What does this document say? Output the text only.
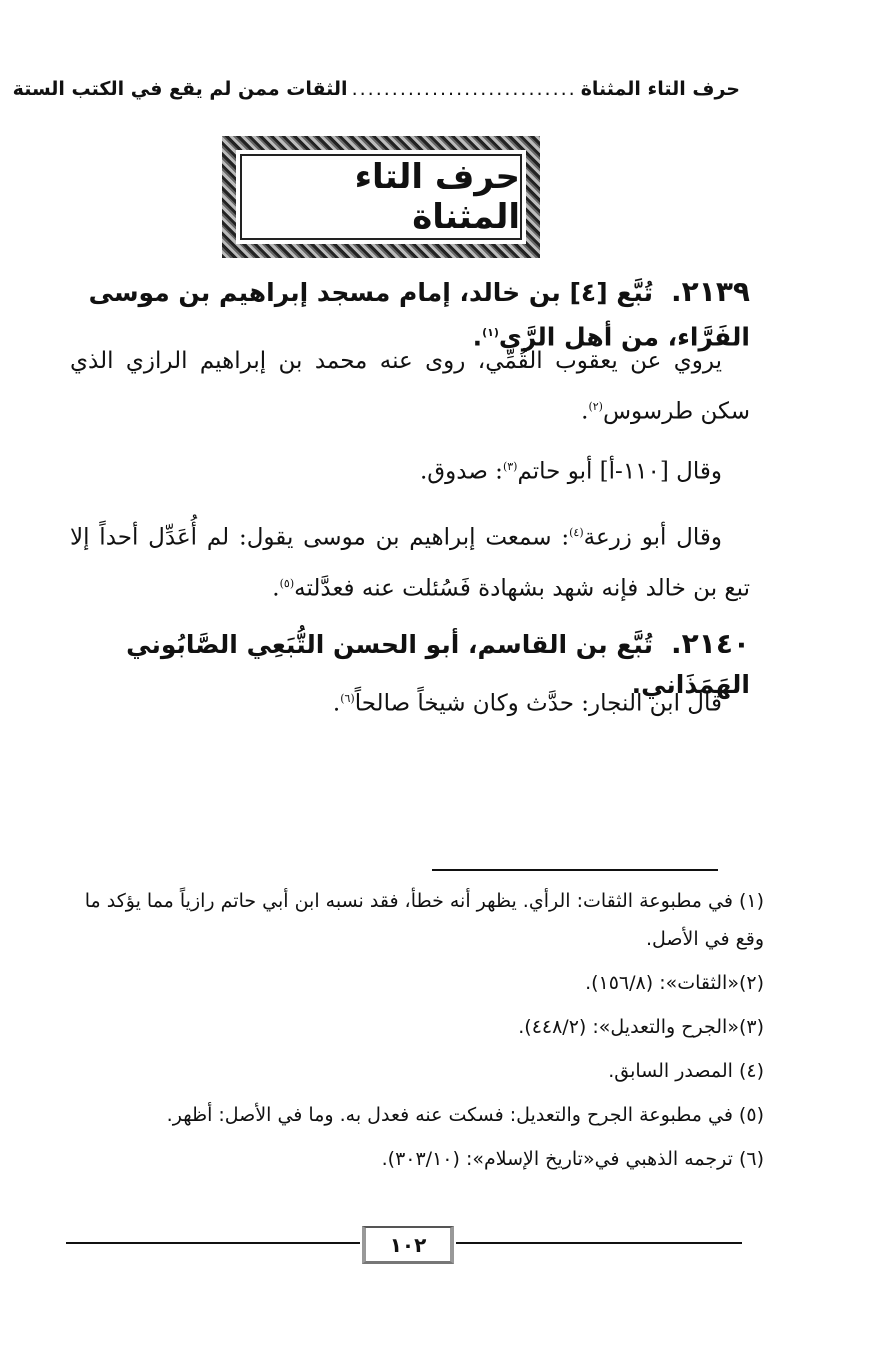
حرف التاء المثناة
............................
الثقات ممن لم يقع في الكتب الستة
حرف التاء المثناة
٢١٣٩.تُبَّع [٤] بن خالد، إمام مسجد إبراهيم بن موسى الفَرَّاء، من أهل الرَّي$^{(١)}$.
يروي عن يعقوب القُمِّي، روى عنه محمد بن إبراهيم الرازي الذي سكن طرسوس$^{(٢)}$.
وقال [١١٠-أ] أبو حاتم$^{(٣)}$: صدوق.
وقال أبو زرعة$^{(٤)}$: سمعت إبراهيم بن موسى يقول: لم أُعَدِّل أحداً إلا تبع بن خالد فإنه شهد بشهادة فَسُئلت عنه فعدَّلته$^{(٥)}$.
٢١٤٠.تُبَّع بن القاسم، أبو الحسن التُّبَعِي الصَّابُوني الهَمَذَاني.
قال ابن النجار: حدَّث وكان شيخاً صالحاً$^{(٦)}$.

(١) في مطبوعة الثقات: الرأي. يظهر أنه خطأ، فقد نسبه ابن أبي حاتم رازياً مما يؤكد ما وقع في الأصل.

(٢)«الثقات»: (١٥٦/٨).

(٣)«الجرح والتعديل»: (٤٤٨/٢).

(٤) المصدر السابق.

(٥) في مطبوعة الجرح والتعديل: فسكت عنه فعدل به. وما في الأصل: أظهر.

(٦) ترجمه الذهبي في«تاريخ الإسلام»: (٣٠٣/١٠).

١٠٢
